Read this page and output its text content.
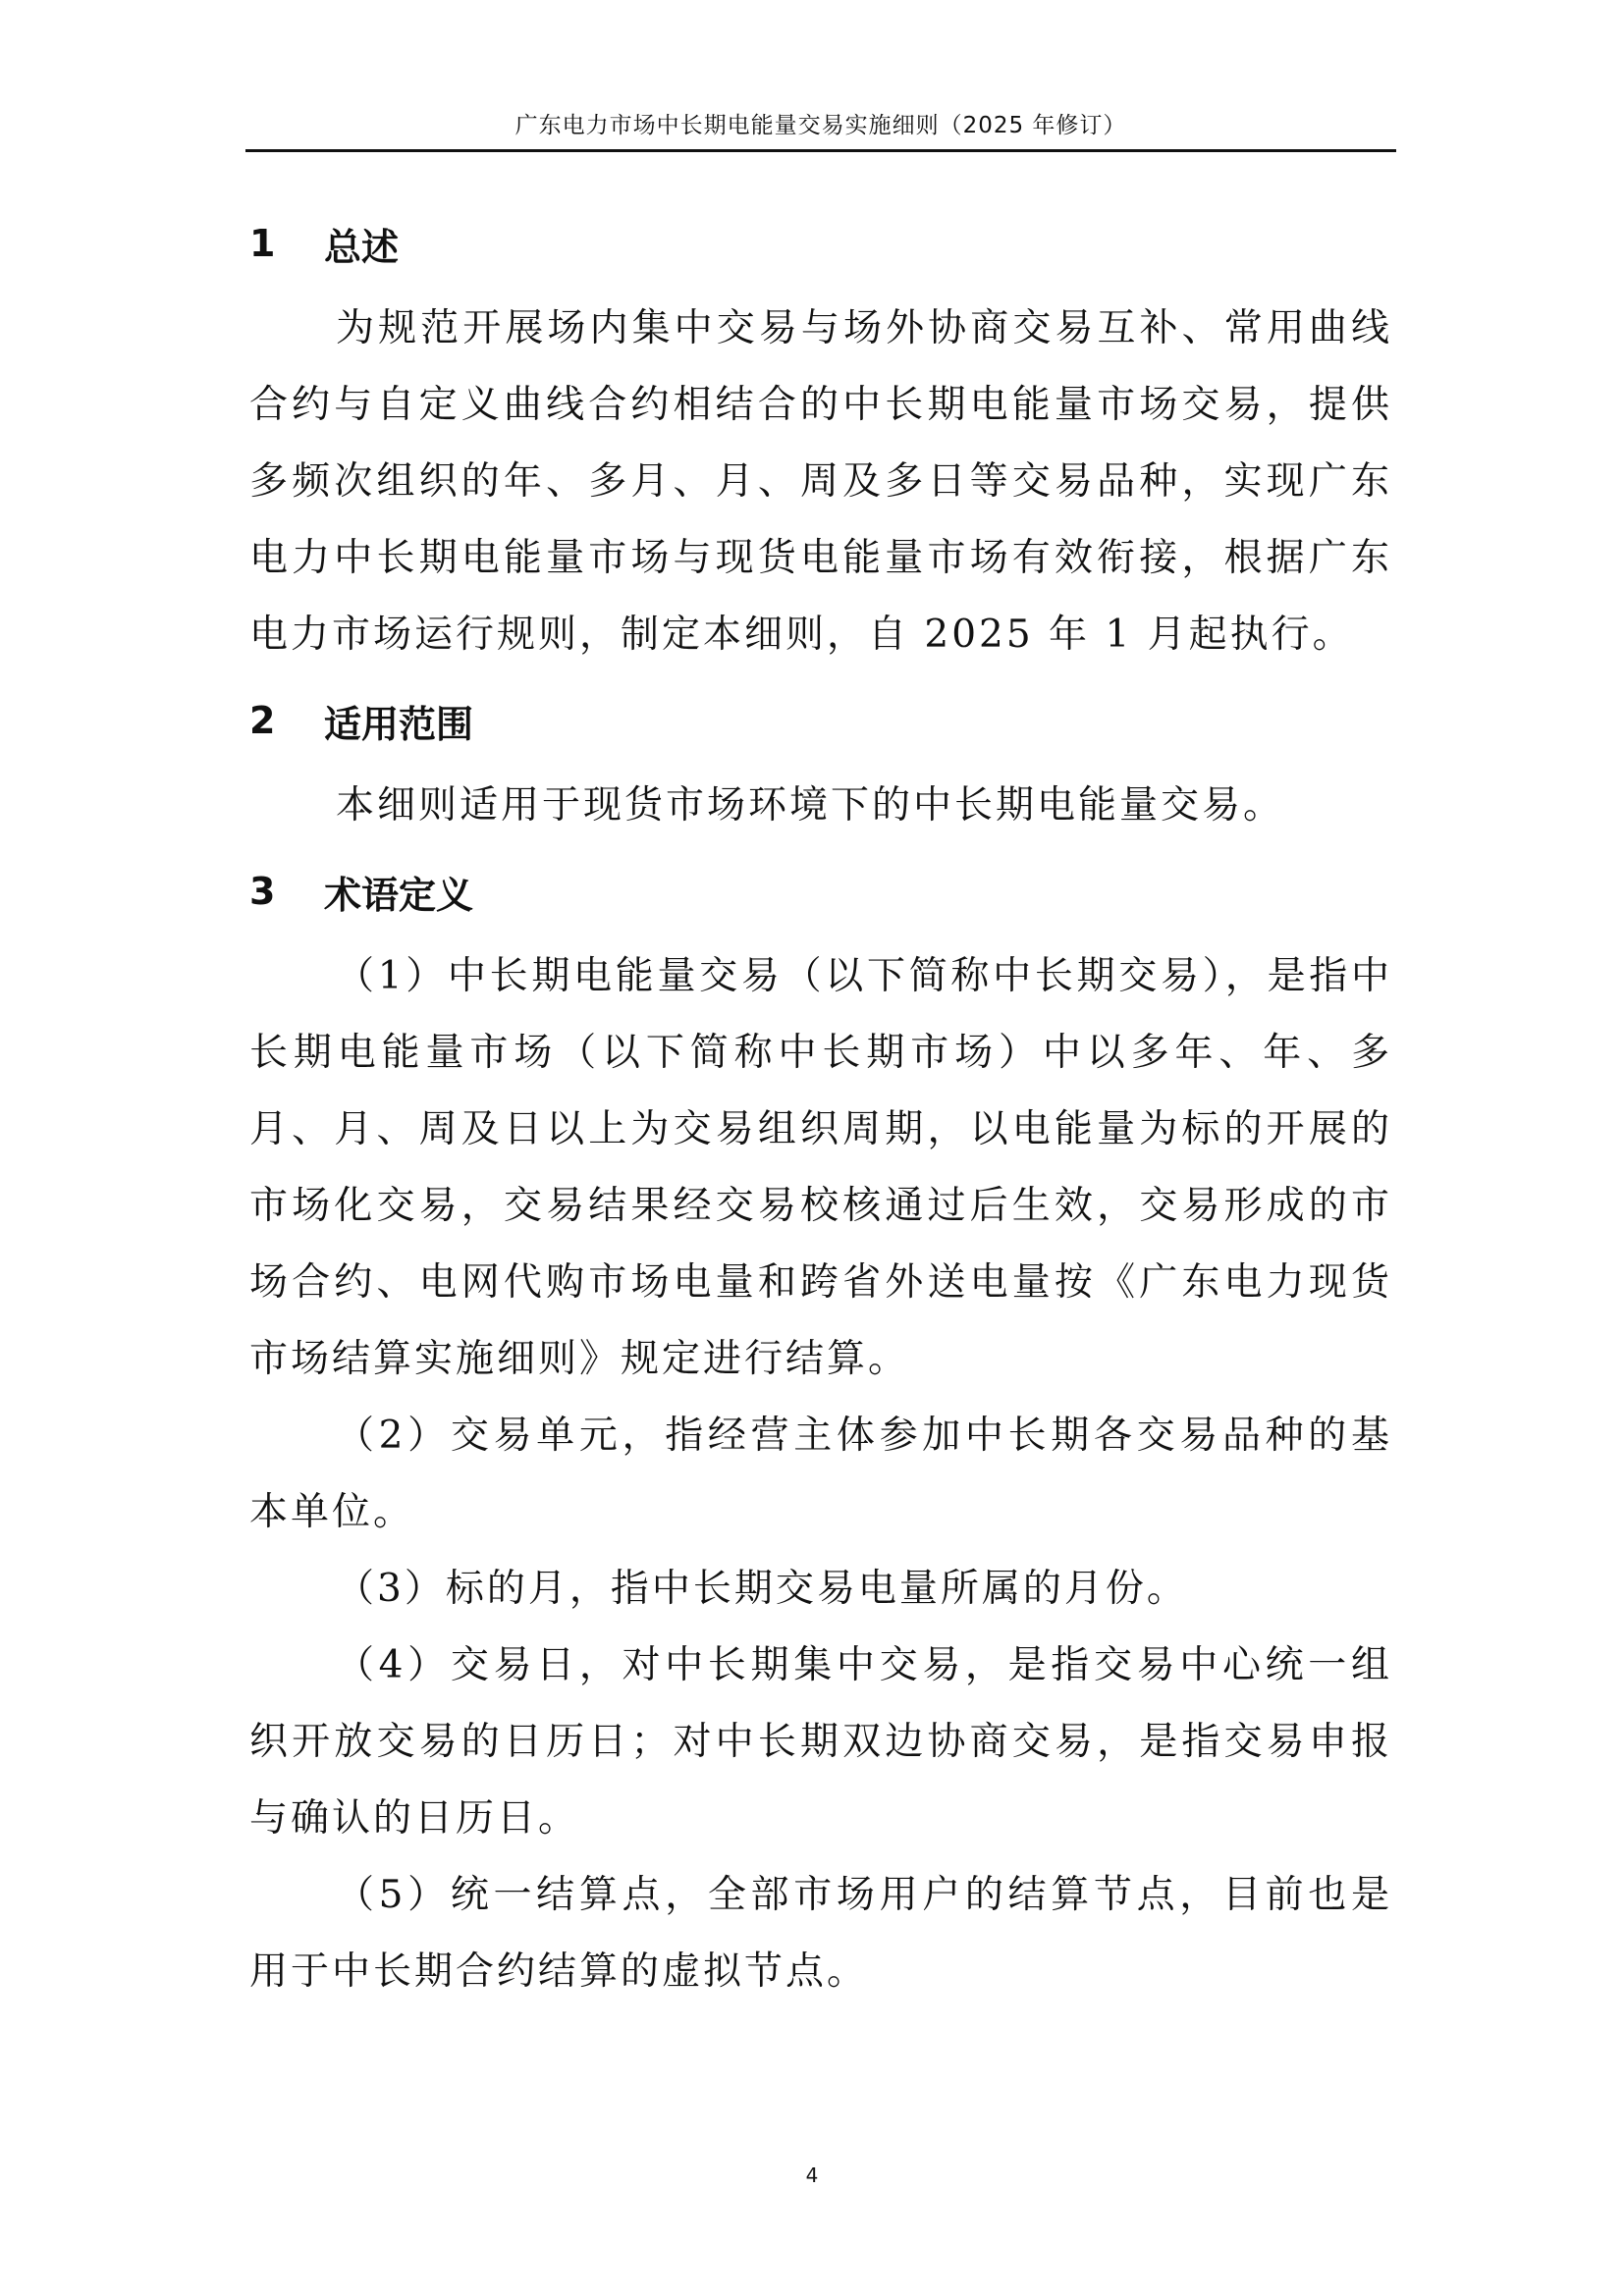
广东电力市场中长期电能量交易实施细则（2025 年修订）
1	总述

为规范开展场内集中交易与场外协商交易互补、常用曲线合约与自定义曲线合约相结合的中长期电能量市场交易，提供多频次组织的年、多月、月、周及多日等交易品种，实现广东电力中长期电能量市场与现货电能量市场有效衔接，根据广东电力市场运行规则，制定本细则，自 2025 年 1 月起执行。

2	适用范围

本细则适用于现货市场环境下的中长期电能量交易。

3	术语定义

（1）中长期电能量交易（以下简称中长期交易），是指中长期电能量市场（以下简称中长期市场）中以多年、年、多月、月、周及日以上为交易组织周期，以电能量为标的开展的市场化交易，交易结果经交易校核通过后生效，交易形成的市场合约、电网代购市场电量和跨省外送电量按《广东电力现货市场结算实施细则》规定进行结算。

（2）交易单元，指经营主体参加中长期各交易品种的基本单位。

（3）标的月，指中长期交易电量所属的月份。

（4）交易日，对中长期集中交易，是指交易中心统一组织开放交易的日历日；对中长期双边协商交易，是指交易申报与确认的日历日。

（5）统一结算点，全部市场用户的结算节点，目前也是用于中长期合约结算的虚拟节点。

4
